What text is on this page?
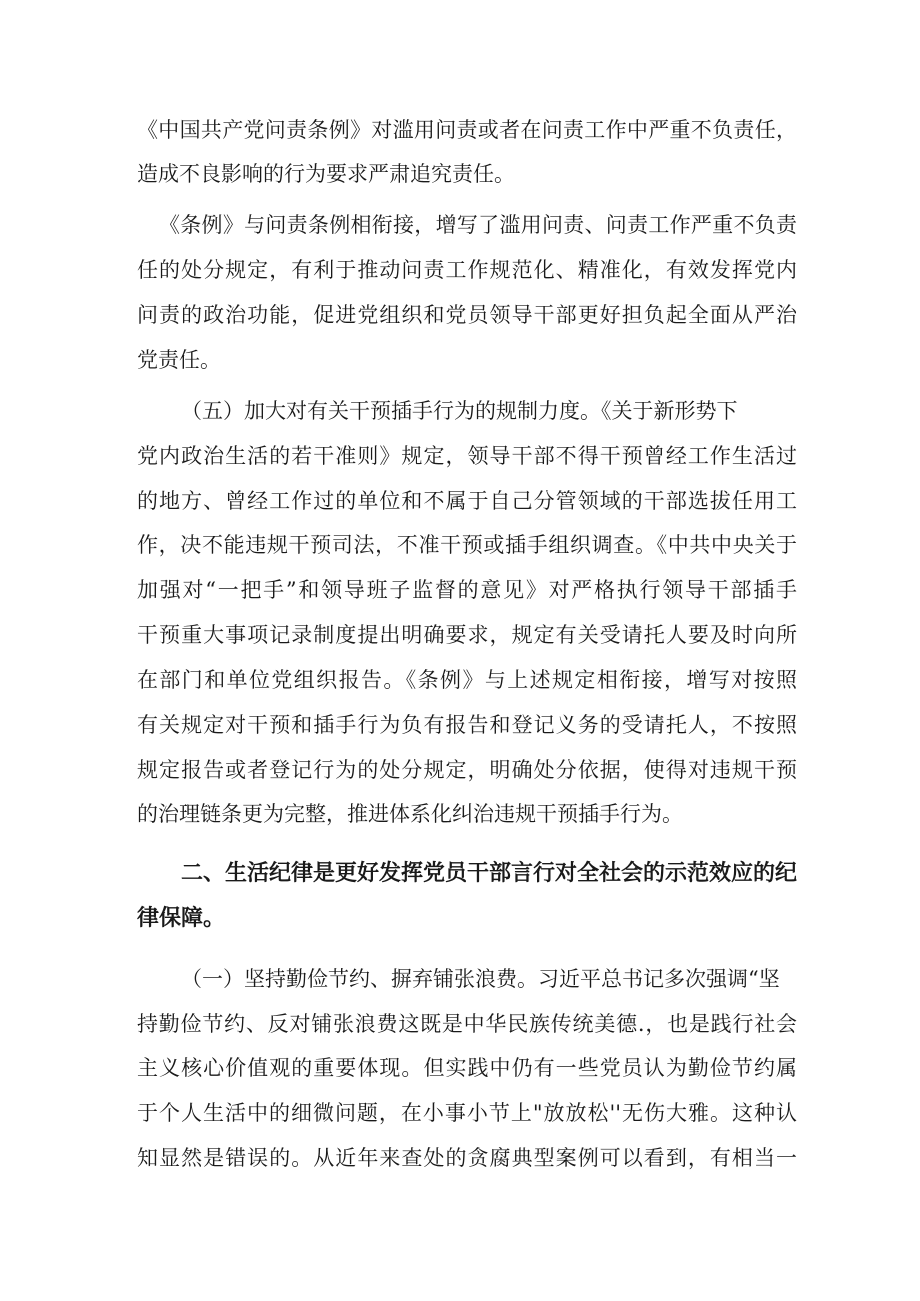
《中国共产党问责条例》对滥用问责或者在问责工作中严重不负责任，
造成不良影响的行为要求严肃追究责任。
《条例》与问责条例相衔接，增写了滥用问责、问责工作严重不负责
任的处分规定，有利于推动问责工作规范化、精准化，有效发挥党内
问责的政治功能，促进党组织和党员领导干部更好担负起全面从严治
党责任。
（五）加大对有关干预插手行为的规制力度。《关于新形势下
党内政治生活的若干准则》规定，领导干部不得干预曾经工作生活过
的地方、曾经工作过的单位和不属于自己分管领域的干部选拔任用工
作，决不能违规干预司法，不准干预或插手组织调查。《中共中央关于
加强对“一把手”和领导班子监督的意见》对严格执行领导干部插手
干预重大事项记录制度提出明确要求，规定有关受请托人要及时向所
在部门和单位党组织报告。《条例》与上述规定相衔接，增写对按照
有关规定对干预和插手行为负有报告和登记义务的受请托人，不按照
规定报告或者登记行为的处分规定，明确处分依据，使得对违规干预
的治理链条更为完整，推进体系化纠治违规干预插手行为。
二、生活纪律是更好发挥党员干部言行对全社会的示范效应的纪
律保障。
（一）坚持勤俭节约、摒弃铺张浪费。习近平总书记多次强调“坚
持勤俭节约、反对铺张浪费这既是中华民族传统美德.，也是践行社会
主义核心价值观的重要体现。但实践中仍有一些党员认为勤俭节约属
于个人生活中的细微问题，在小事小节上"放放松''无伤大雅。这种认
知显然是错误的。从近年来查处的贪腐典型案例可以看到，有相当一
